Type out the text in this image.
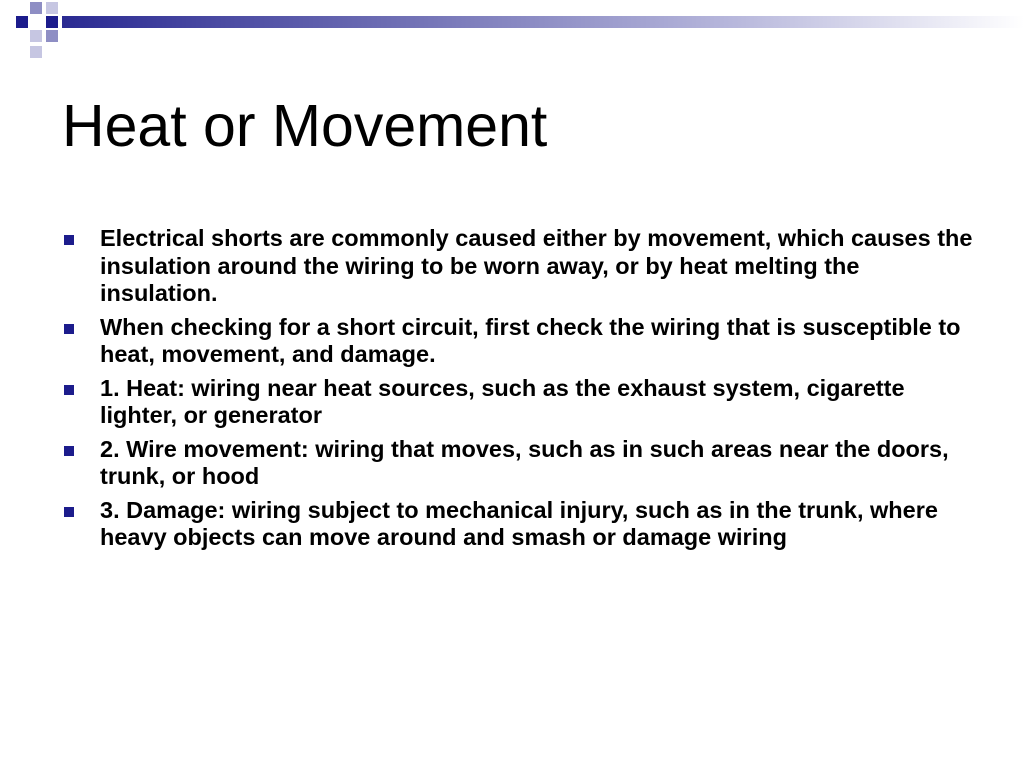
Heat or Movement
Electrical shorts are commonly caused either by movement, which causes the insulation around the wiring to be worn away, or by heat melting the insulation.
When checking for a short circuit, first check the wiring that is susceptible to heat, movement, and damage.
1. Heat: wiring near heat sources, such as the exhaust system, cigarette lighter, or generator
2. Wire movement: wiring that moves, such as in such areas near the doors, trunk, or hood
3. Damage: wiring subject to mechanical injury, such as in the trunk, where heavy objects can move around and smash or damage wiring
